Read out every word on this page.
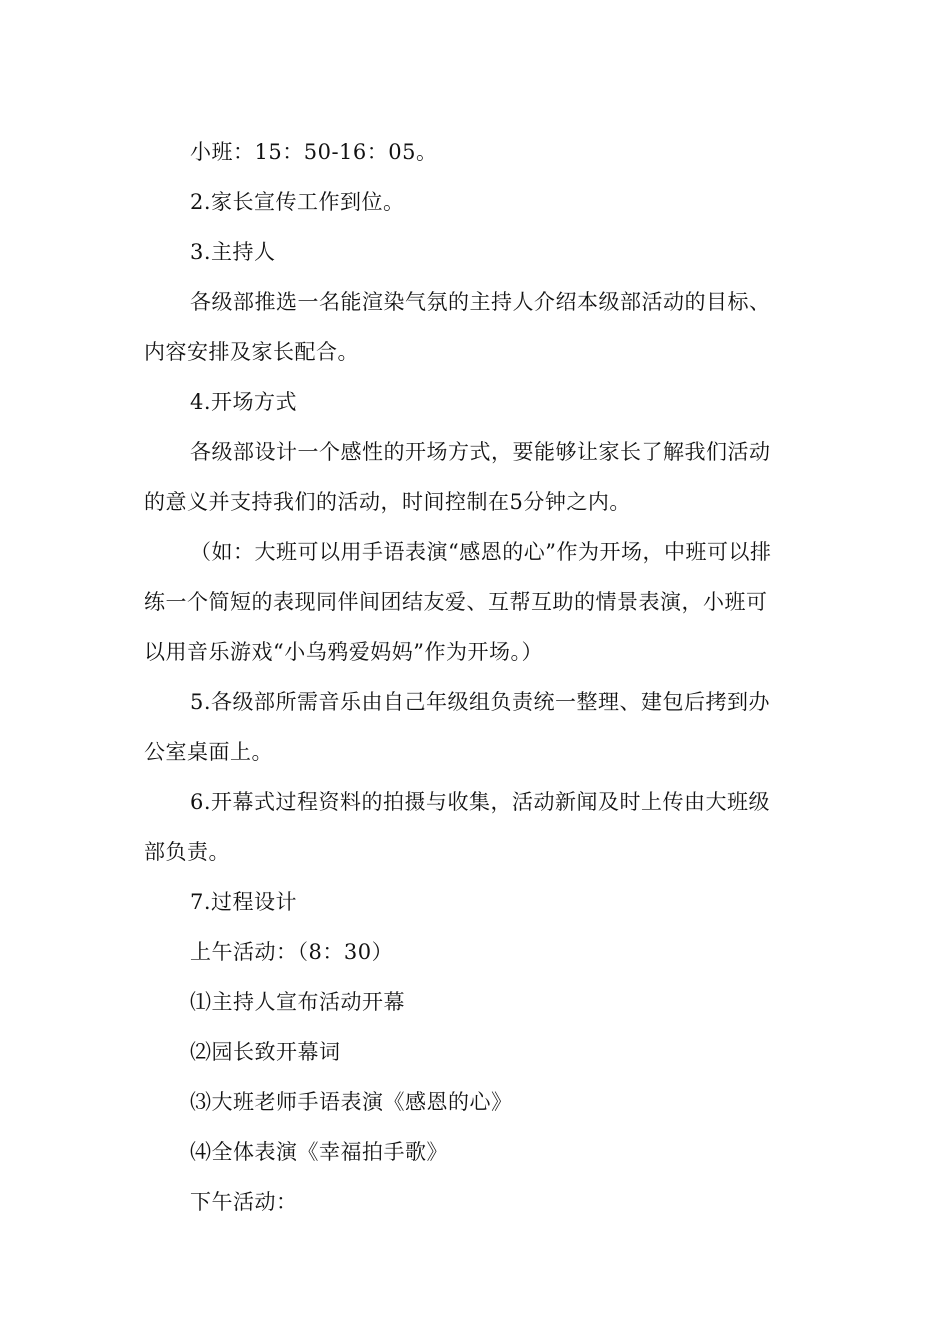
小班：15：50-16：05。
2.家长宣传工作到位。
3.主持人
各级部推选一名能渲染气氛的主持人介绍本级部活动的目标、
内容安排及家长配合。
4.开场方式
各级部设计一个感性的开场方式，要能够让家长了解我们活动
的意义并支持我们的活动，时间控制在5分钟之内。
（如：大班可以用手语表演“感恩的心”作为开场，中班可以排
练一个简短的表现同伴间团结友爱、互帮互助的情景表演，小班可
以用音乐游戏“小乌鸦爱妈妈”作为开场。）
5.各级部所需音乐由自己年级组负责统一整理、建包后拷到办
公室桌面上。
6.开幕式过程资料的拍摄与收集，活动新闻及时上传由大班级
部负责。
7.过程设计
上午活动：（8：30）
⑴主持人宣布活动开幕
⑵园长致开幕词
⑶大班老师手语表演《感恩的心》
⑷全体表演《幸福拍手歌》
下午活动：
